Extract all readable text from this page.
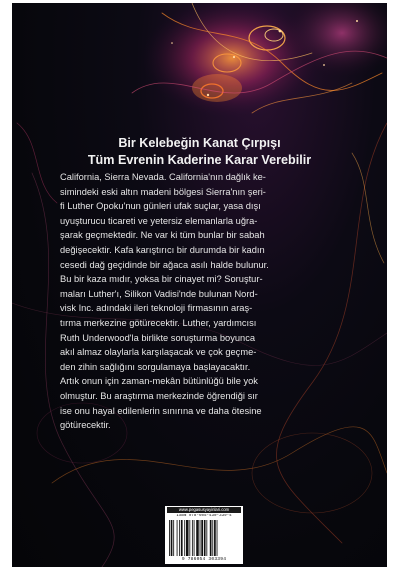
Bir Kelebeğin Kanat Çırpışı
Tüm Evrenin Kaderine Karar Verebilir
California, Sierra Nevada. California'nın dağlık ke-
simindeki eski altın madeni bölgesi Sierra'nın şeri-
fi Luther Opoku'nun günleri ufak suçlar, yasa dışı
uyuşturucu ticareti ve yetersiz elemanlarla uğra-
şarak geçmektedir. Ne var ki tüm bunlar bir sabah
değişecektir. Kafa karıştırıcı bir durumda bir kadın
cesedi dağ geçidinde bir ağaca asılı halde bulunur.
Bu bir kaza mıdır, yoksa bir cinayet mi? Soruştur-
maları Luther'ı, Silikon Vadisi'nde bulunan Nord-
visk Inc. adındaki ileri teknoloji firmasının araş-
tırma merkezine götürecektir. Luther, yardımcısı
Ruth Underwood'la birlikte soruşturma boyunca
akıl almaz olaylarla karşılaşacak ve çok geçme-
den zihin sağlığını sorgulamaya başlayacaktır.
Artık onun için zaman-mekân bütünlüğü bile yok
olmuştur. Bu araştırma merkezinde öğrendiği sır
ise onu hayal edilenlerin sınırına ve daha ötesine
götürecektir.
www.pegasusyayinlari.com
ISBN 978-605-430-339-4
9 786054 303394
